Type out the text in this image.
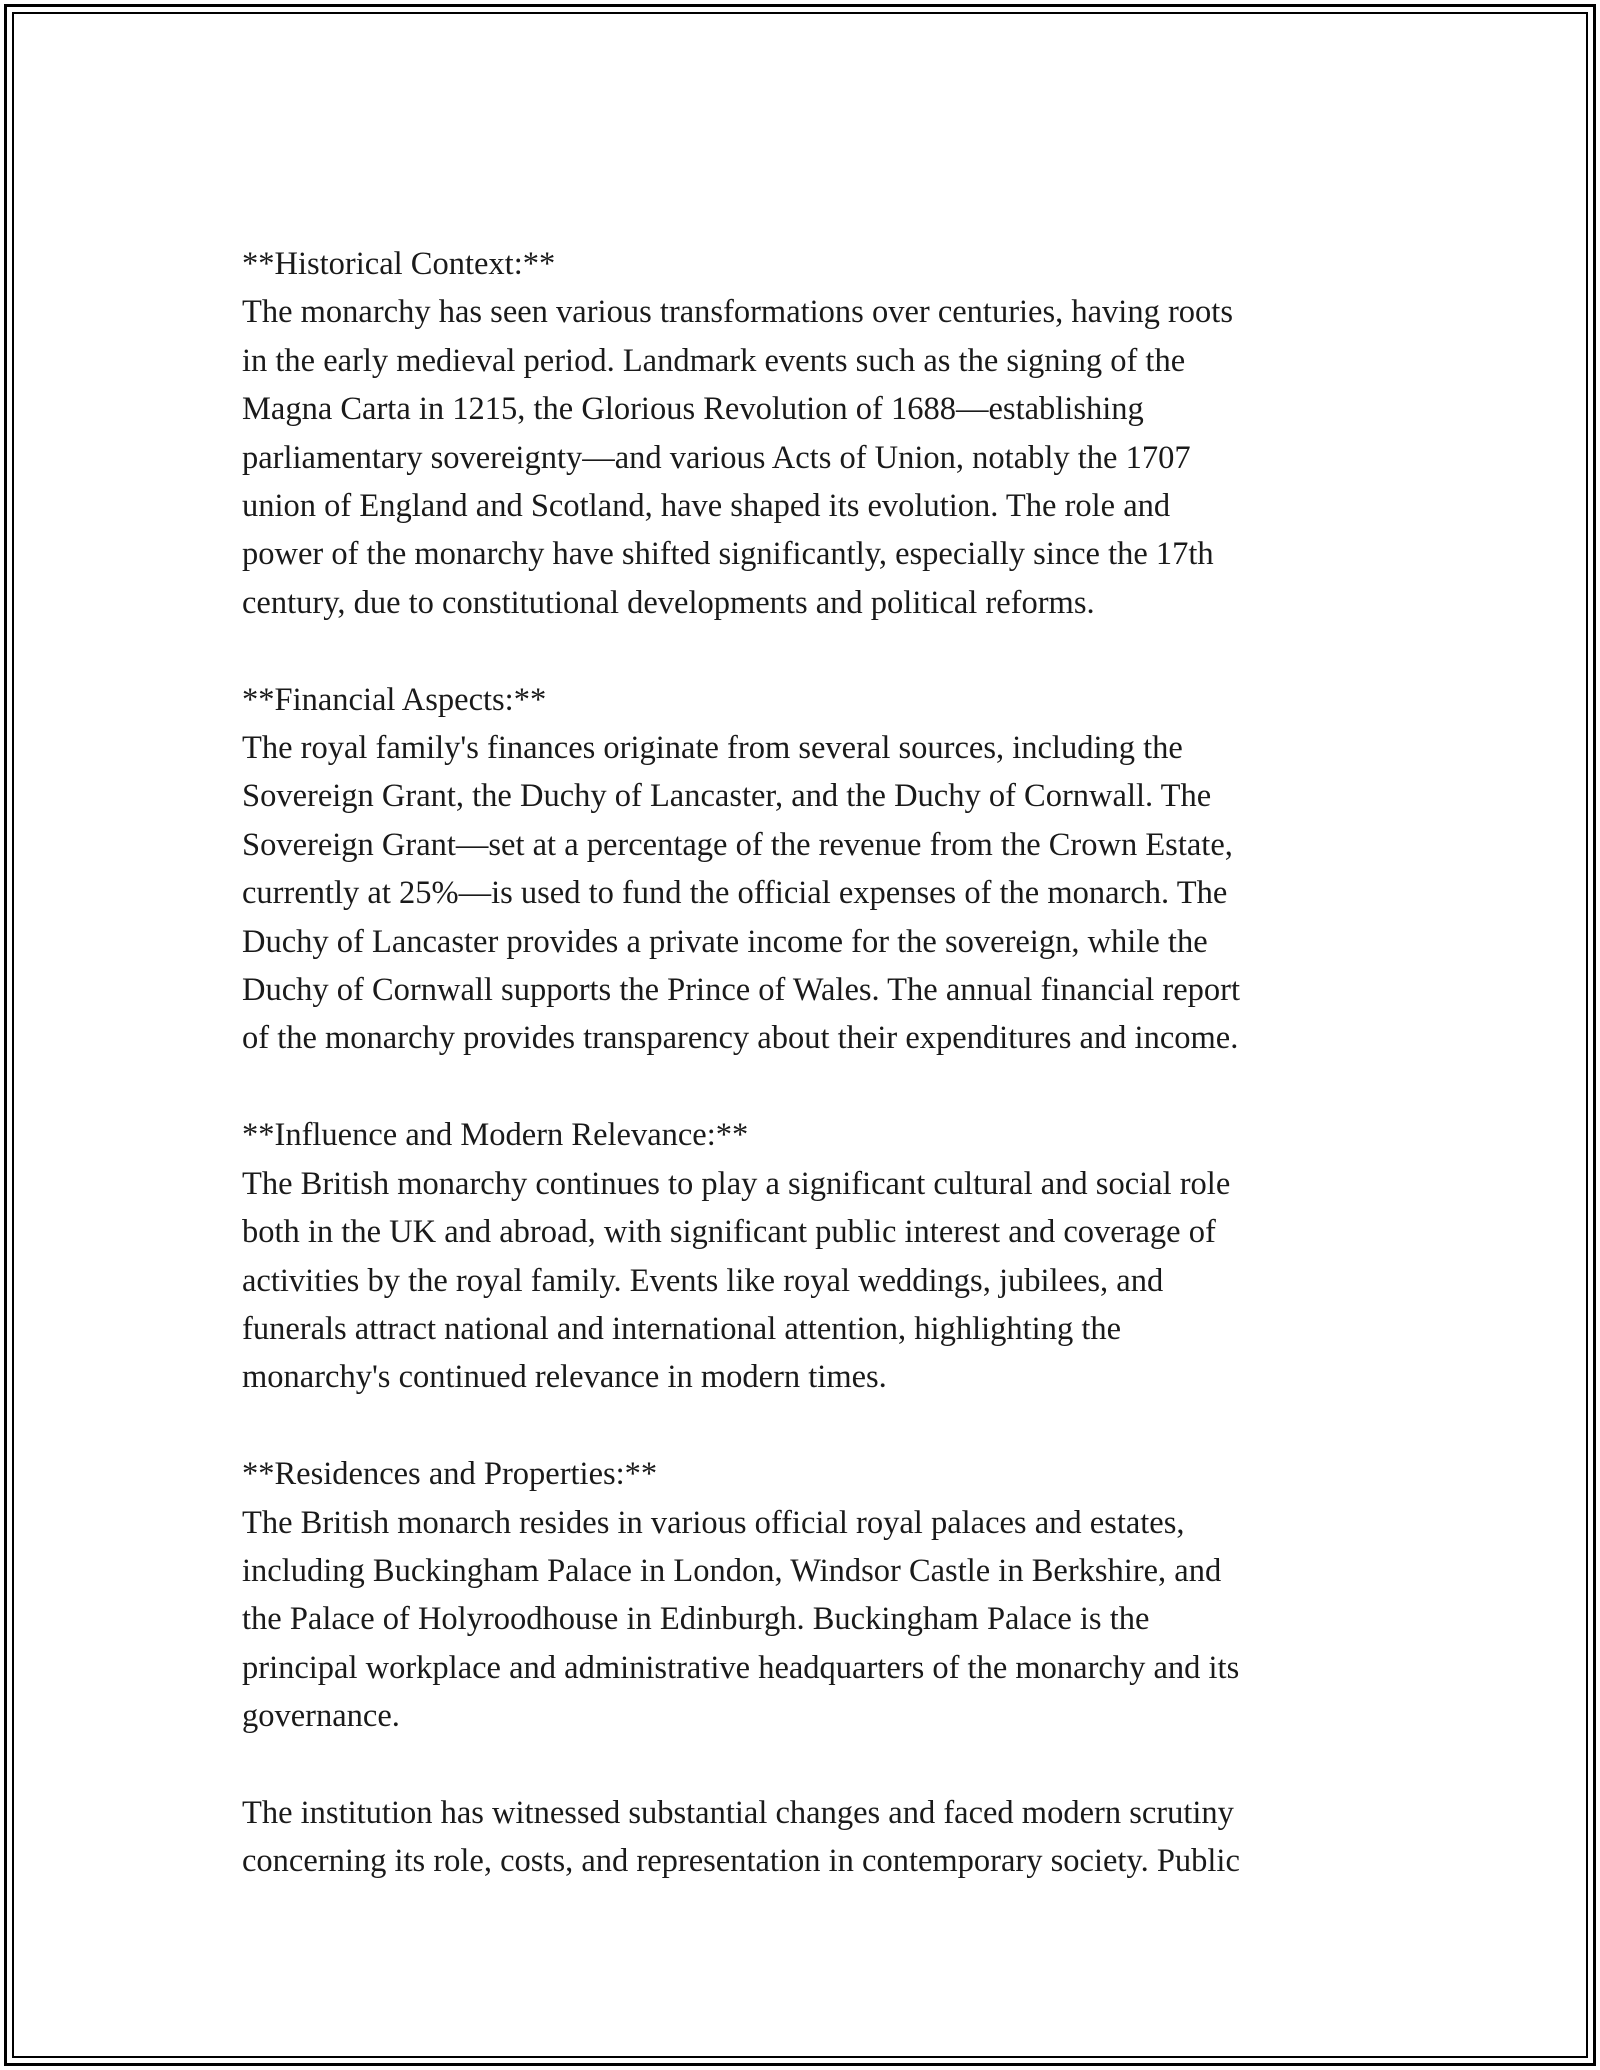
**Historical Context:**

The monarchy has seen various transformations over centuries, having roots
in the early medieval period. Landmark events such as the signing of the
Magna Carta in 1215, the Glorious Revolution of 1688—establishing
parliamentary sovereignty—and various Acts of Union, notably the 1707
union of England and Scotland, have shaped its evolution. The role and
power of the monarchy have shifted significantly, especially since the 17th
century, due to constitutional developments and political reforms.

**Financial Aspects:**

The royal family's finances originate from several sources, including the
Sovereign Grant, the Duchy of Lancaster, and the Duchy of Cornwall. The
Sovereign Grant—set at a percentage of the revenue from the Crown Estate,
currently at 25%—is used to fund the official expenses of the monarch. The
Duchy of Lancaster provides a private income for the sovereign, while the
Duchy of Cornwall supports the Prince of Wales. The annual financial report
of the monarchy provides transparency about their expenditures and income.

**Influence and Modern Relevance:**

The British monarchy continues to play a significant cultural and social role
both in the UK and abroad, with significant public interest and coverage of
activities by the royal family. Events like royal weddings, jubilees, and
funerals attract national and international attention, highlighting the
monarchy's continued relevance in modern times.

**Residences and Properties:**

The British monarch resides in various official royal palaces and estates,
including Buckingham Palace in London, Windsor Castle in Berkshire, and
the Palace of Holyroodhouse in Edinburgh. Buckingham Palace is the
principal workplace and administrative headquarters of the monarchy and its
governance.

The institution has witnessed substantial changes and faced modern scrutiny
concerning its role, costs, and representation in contemporary society. Public
